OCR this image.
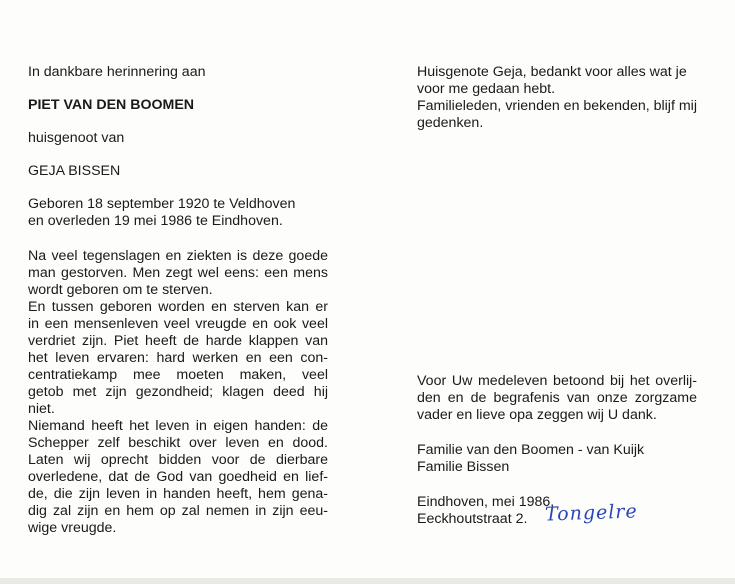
In dankbare herinnering aan
PIET VAN DEN BOOMEN
huisgenoot van
GEJA BISSEN
Geboren 18 september 1920 te Veldhoven
en overleden 19 mei 1986 te Eindhoven.
Na veel tegenslagen en ziekten is deze goede
man gestorven. Men zegt wel eens: een mens
wordt geboren om te sterven.
En tussen geboren worden en sterven kan er
in een mensenleven veel vreugde en ook veel
verdriet zijn. Piet heeft de harde klappen van
het leven ervaren: hard werken en een con-
centratiekamp mee moeten maken, veel
getob met zijn gezondheid; klagen deed hij
niet.
Niemand heeft het leven in eigen handen: de
Schepper zelf beschikt over leven en dood.
Laten wij oprecht bidden voor de dierbare
overledene, dat de God van goedheid en lief-
de, die zijn leven in handen heeft, hem gena-
dig zal zijn en hem op zal nemen in zijn eeu-
wige vreugde.
Huisgenote Geja, bedankt voor alles wat je
voor me gedaan hebt.
Familieleden, vrienden en bekenden, blijf mij
gedenken.
Voor Uw medeleven betoond bij het overlij-
den en de begrafenis van onze zorgzame
vader en lieve opa zeggen wij U dank.
Familie van den Boomen - van Kuijk
Familie Bissen
Eindhoven, mei 1986,
Eeckhoutstraat 2. Tongelre
